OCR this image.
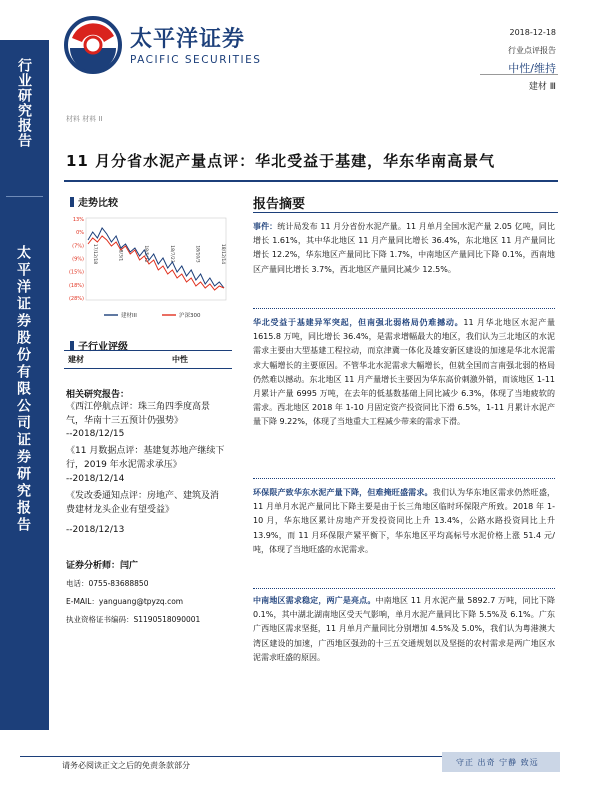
行业研究报告
太平洋证券股份有限公司证券研究报告
太平洋证券
PACIFIC SECURITIES
2018-12-18
行业点评报告
中性/维持
建材 Ⅲ
材料 材料 II
11 月分省水泥产量点评：华北受益于基建，华东华南高景气
走势比较
13%
0%
(7%)
(9%)
(15%)
(18%)
(28%)
17/12/18	18/3/1	18/5/12	18/7/23	18/10/3	18/12/14
建材III	沪深300
子行业评级
建材	中性
相关研究报告：
《西江停航点评：珠三角四季度高景气，华南十三五预计仍强势》
--2018/12/15
《11 月数据点评：基建复苏地产继续下行，2019 年水泥需求承压》
--2018/12/14
《发改委通知点评：房地产、建筑及消费建材龙头企业有望受益》
--2018/12/13
证券分析师：闫广
电话：0755-83688850
E-MAIL：yanguang@tpyzq.com
执业资格证书编码：S1190518090001
报告摘要
事件：统计局发布 11 月分省份水泥产量。11 月单月全国水泥产量 2.05 亿吨，同比增长 1.61%，其中华北地区 11 月产量同比增长 36.4%，东北地区 11 月产量同比增长 12.2%，华东地区产量同比下降 1.7%，中南地区产量同比下降 0.1%，西南地区产量同比增长 3.7%，西北地区产量同比减少 12.5%。
华北受益于基建异军突起，但南强北弱格局仍难撼动。11 月华北地区水泥产量 1615.8 万吨，同比增长 36.4%，是需求增幅最大的地区，我们认为三北地区的水泥需求主要由大型基建工程拉动，而京津冀一体化及雄安新区建设的加速是华北水泥需求大幅增长的主要原因。不管华北水泥需求大幅增长，但就全国而言南强北弱的格局仍然难以撼动。东北地区 11 月产量增长主要因为华东高价刺激外销，而该地区 1-11 月累计产量 6995 万吨，在去年的低基数基础上同比减少 6.3%，体现了当地疲软的需求。西北地区 2018 年 1-10 月固定资产投资同比下滑 6.5%，1-11 月累计水泥产量下降 9.22%，体现了当地重大工程减少带来的需求下滑。
环保限产致华东水泥产量下降，但难掩旺盛需求。我们认为华东地区需求仍然旺盛，11 月单月水泥产量同比下降主要是由于长三角地区临时环保限产所致。2018 年 1-10 月，华东地区累计房地产开发投资同比上升 13.4%，公路水路投资同比上升 13.9%，而 11 月环保限产紧平衡下，华东地区平均高标号水泥价格上涨 51.4 元/吨，体现了当地旺盛的水泥需求。
中南地区需求稳定，两广是亮点。中南地区 11 月水泥产量 5892.7 万吨，同比下降 0.1%，其中湖北湖南地区受天气影响，单月水泥产量同比下降 5.5%及 6.1%。广东广西地区需求坚挺，11 月单月产量同比分别增加 4.5%及 5.0%，我们认为粤港澳大湾区建设的加速，广西地区强劲的十三五交通规划以及坚挺的农村需求是两广地区水泥需求旺盛的原因。
请务必阅读正文之后的免责条款部分	守正 出奇 宁静 致远
